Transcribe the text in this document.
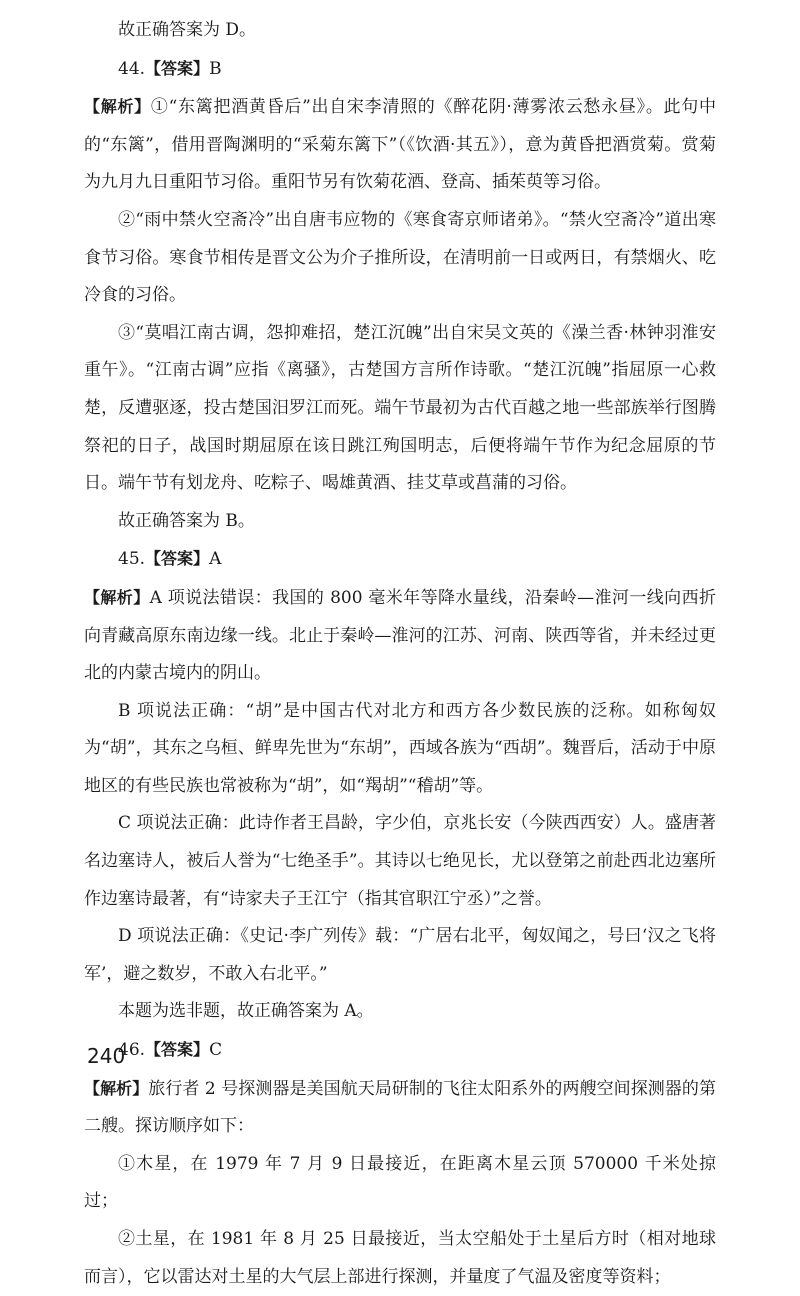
故正确答案为 D。

44.【答案】B

【解析】①“东篱把酒黄昏后”出自宋李清照的《醉花阴·薄雾浓云愁永昼》。此句中的“东篱”，借用晋陶渊明的“采菊东篱下”（《饮酒·其五》），意为黄昏把酒赏菊。赏菊为九月九日重阳节习俗。重阳节另有饮菊花酒、登高、插茱萸等习俗。

②“雨中禁火空斋冷”出自唐韦应物的《寒食寄京师诸弟》。“禁火空斋冷”道出寒食节习俗。寒食节相传是晋文公为介子推所设，在清明前一日或两日，有禁烟火、吃冷食的习俗。

③“莫唱江南古调，怨抑难招，楚江沉魄”出自宋吴文英的《澡兰香·林钟羽淮安重午》。“江南古调”应指《离骚》，古楚国方言所作诗歌。“楚江沉魄”指屈原一心救楚，反遭驱逐，投古楚国汨罗江而死。端午节最初为古代百越之地一些部族举行图腾祭祀的日子，战国时期屈原在该日跳江殉国明志，后便将端午节作为纪念屈原的节日。端午节有划龙舟、吃粽子、喝雄黄酒、挂艾草或菖蒲的习俗。

故正确答案为 B。

45.【答案】A

【解析】A 项说法错误：我国的 800 毫米年等降水量线，沿秦岭—淮河一线向西折向青藏高原东南边缘一线。北止于秦岭—淮河的江苏、河南、陕西等省，并未经过更北的内蒙古境内的阴山。

B 项说法正确：“胡”是中国古代对北方和西方各少数民族的泛称。如称匈奴为“胡”，其东之乌桓、鲜卑先世为“东胡”，西域各族为“西胡”。魏晋后，活动于中原地区的有些民族也常被称为“胡”，如“羯胡”“稽胡”等。

C 项说法正确：此诗作者王昌龄，字少伯，京兆长安（今陕西西安）人。盛唐著名边塞诗人，被后人誉为“七绝圣手”。其诗以七绝见长，尤以登第之前赴西北边塞所作边塞诗最著，有“诗家夫子王江宁（指其官职江宁丞）”之誉。

D 项说法正确：《史记·李广列传》载：“广居右北平，匈奴闻之，号曰‘汉之飞将军’，避之数岁，不敢入右北平。”

本题为选非题，故正确答案为 A。

46.【答案】C

【解析】旅行者 2 号探测器是美国航天局研制的飞往太阳系外的两艘空间探测器的第二艘。探访顺序如下：

①木星，在 1979 年 7 月 9 日最接近，在距离木星云顶 570000 千米处掠过；

②土星，在 1981 年 8 月 25 日最接近，当太空船处于土星后方时（相对地球而言），它以雷达对土星的大气层上部进行探测，并量度了气温及密度等资料；

240
